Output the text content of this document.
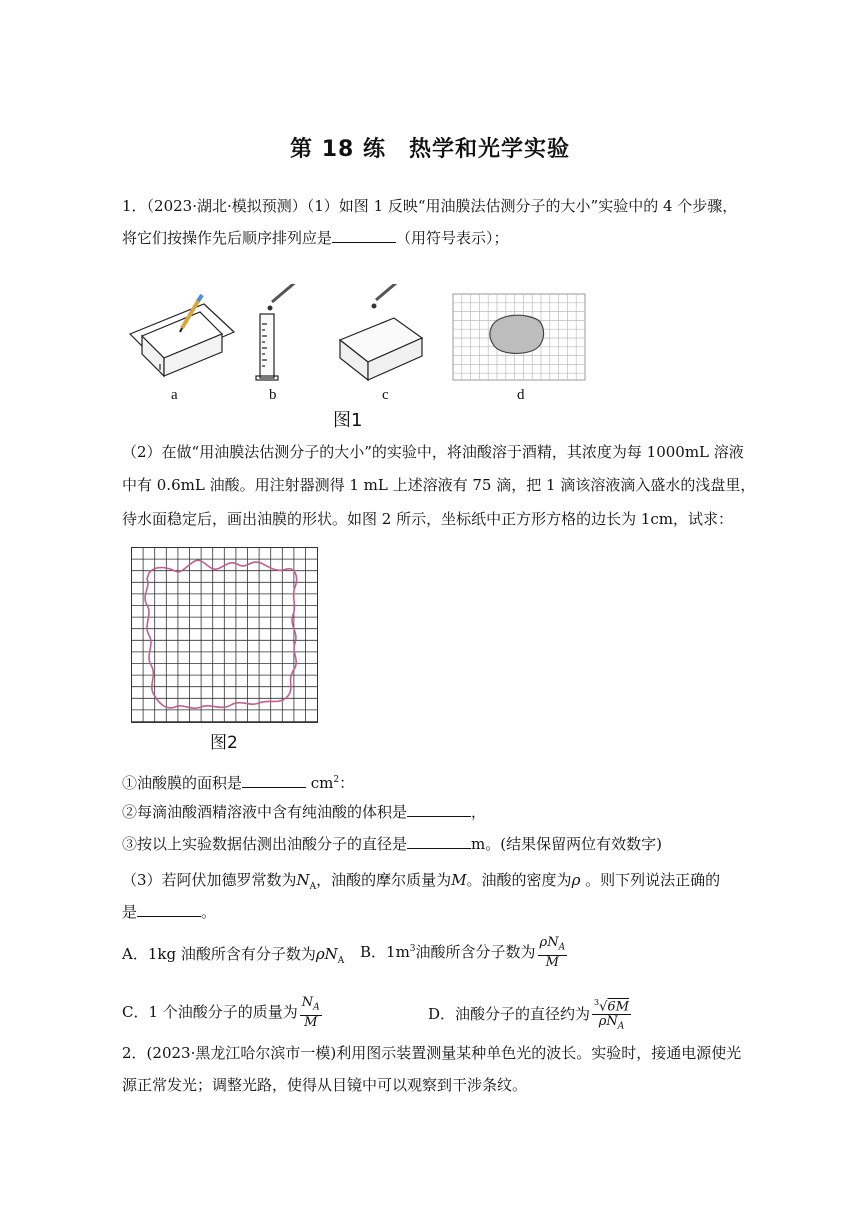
第 18 练　热学和光学实验
1．（2023·湖北·模拟预测）（1）如图 1 反映“用油膜法估测分子的大小”实验中的 4 个步骤，
将它们按操作先后顺序排列应是	（用符号表示）；
a	b	c	d
图1
（2）在做“用油膜法估测分子的大小”的实验中，将油酸溶于酒精，其浓度为每 1000mL 溶液
中有 0.6mL 油酸。用注射器测得 1 mL 上述溶液有 75 滴，把 1 滴该溶液滴入盛水的浅盘里，
待水面稳定后，画出油膜的形状。如图 2 所示，坐标纸中正方形方格的边长为 1cm，试求：
图2
①油酸膜的面积是	$cm^2$：
②每滴油酸酒精溶液中含有纯油酸的体积是	，
③按以上实验数据估测出油酸分子的直径是	m。(结果保留两位有效数字)
（3）若阿伏加德罗常数为$N_A$，油酸的摩尔质量为M。油酸的密度为ρ 。则下列说法正确的
是	。
A．1kg 油酸所含有分子数为$\rho N_A$
B．$1m^3$油酸所含分子数为 $\frac{\rho N_A}{M}$
C．1 个油酸分子的质量为 $\frac{N_A}{M}$	D．油酸分子的直径约为 $\frac{^3√6M}{\rho N_A}$
2．(2023·黑龙江哈尔滨市一模)利用图示装置测量某种单色光的波长。实验时，接通电源使光
源正常发光；调整光路，使得从目镜中可以观察到干涉条纹。
